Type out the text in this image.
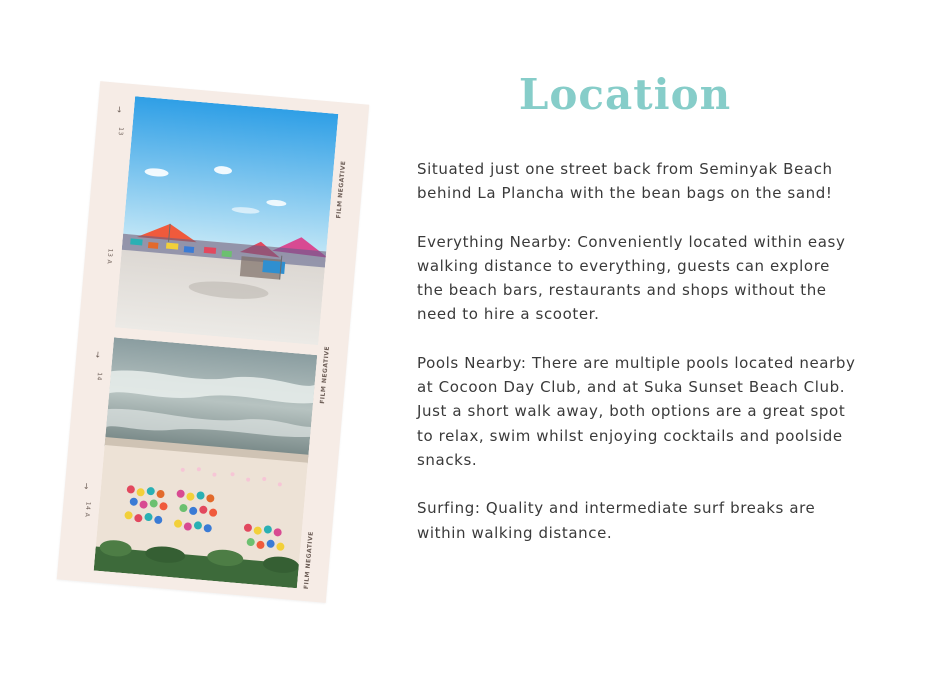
13
→
13 A
14
→
14 A
→
FILM NEGATIVE
FILM NEGATIVE
FILM NEGATIVE
Location

Situated just one street back from Seminyak Beach
behind La Plancha with the bean bags on the sand!

Everything Nearby: Conveniently located within easy
walking distance to everything, guests can explore
the beach bars, restaurants and shops without the
need to hire a scooter.

Pools Nearby: There are multiple pools located nearby
at Cocoon Day Club, and at Suka Sunset Beach Club.
Just a short walk away, both options are a great spot
to relax, swim whilst enjoying cocktails and poolside
snacks.

Surfing: Quality and intermediate surf breaks are
within walking distance.
